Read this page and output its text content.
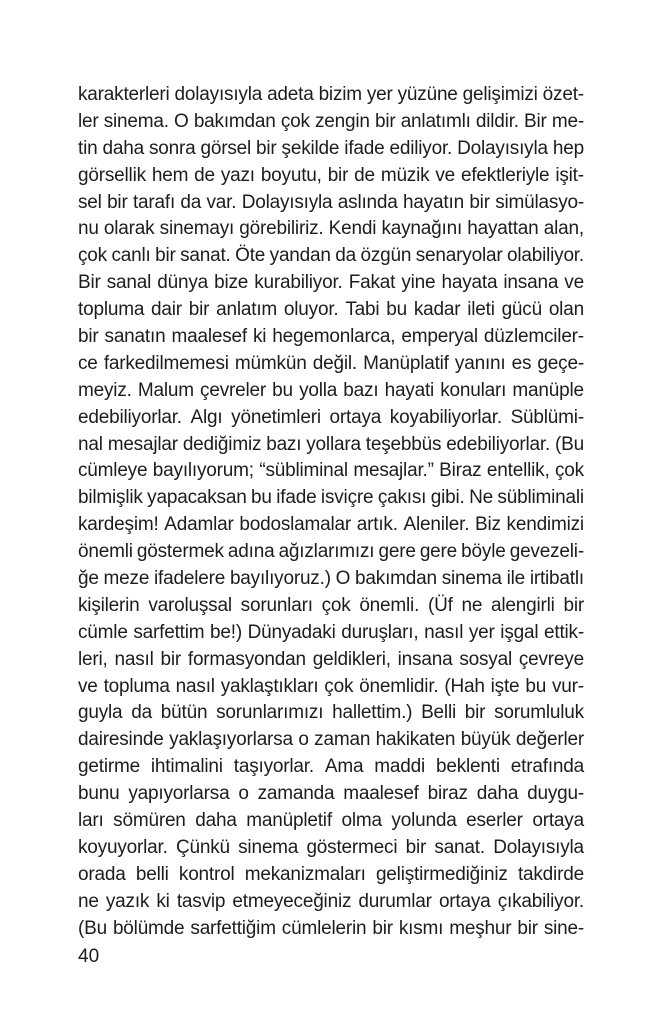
karakterleri dolayısıyla adeta bizim yer yüzüne gelişimizi özet-
ler sinema. O bakımdan çok zengin bir anlatımlı dildir. Bir me-
tin daha sonra görsel bir şekilde ifade ediliyor. Dolayısıyla hep
görsellik hem de yazı boyutu, bir de müzik ve efektleriyle işit-
sel bir tarafı da var. Dolayısıyla aslında hayatın bir simülasyo-
nu olarak sinemayı görebiliriz. Kendi kaynağını hayattan alan,
çok canlı bir sanat. Öte yandan da özgün senaryolar olabiliyor.
Bir sanal dünya bize kurabiliyor. Fakat yine hayata insana ve
topluma dair bir anlatım oluyor. Tabi bu kadar ileti gücü olan
bir sanatın maalesef ki hegemonlarca, emperyal düzlemciler-
ce farkedilmemesi mümkün değil. Manüplatif yanını es geçe-
meyiz. Malum çevreler bu yolla bazı hayati konuları manüple
edebiliyorlar. Algı yönetimleri ortaya koyabiliyorlar. Süblümi-
nal mesajlar dediğimiz bazı yollara teşebbüs edebiliyorlar. (Bu
cümleye bayılıyorum; “sübliminal mesajlar.” Biraz entellik, çok
bilmişlik yapacaksan bu ifade isviçre çakısı gibi. Ne sübliminali
kardeşim! Adamlar bodoslamalar artık. Aleniler. Biz kendimizi
önemli göstermek adına ağızlarımızı gere gere böyle gevezeli-
ğe meze ifadelere bayılıyoruz.) O bakımdan sinema ile irtibatlı
kişilerin varoluşsal sorunları çok önemli. (Üf ne alengirli bir
cümle sarfettim be!) Dünyadaki duruşları, nasıl yer işgal ettik-
leri, nasıl bir formasyondan geldikleri, insana sosyal çevreye
ve topluma nasıl yaklaştıkları çok önemlidir. (Hah işte bu vur-
guyla da bütün sorunlarımızı hallettim.) Belli bir sorumluluk
dairesinde yaklaşıyorlarsa o zaman hakikaten büyük değerler
getirme ihtimalini taşıyorlar. Ama maddi beklenti etrafında
bunu yapıyorlarsa o zamanda maalesef biraz daha duygu-
ları sömüren daha manüpletif olma yolunda eserler ortaya
koyuyorlar. Çünkü sinema göstermeci bir sanat. Dolayısıyla
orada belli kontrol mekanizmaları geliştirmediğiniz takdirde
ne yazık ki tasvip etmeyeceğiniz durumlar ortaya çıkabiliyor.
(Bu bölümde sarfettiğim cümlelerin bir kısmı meşhur bir sine-
40
